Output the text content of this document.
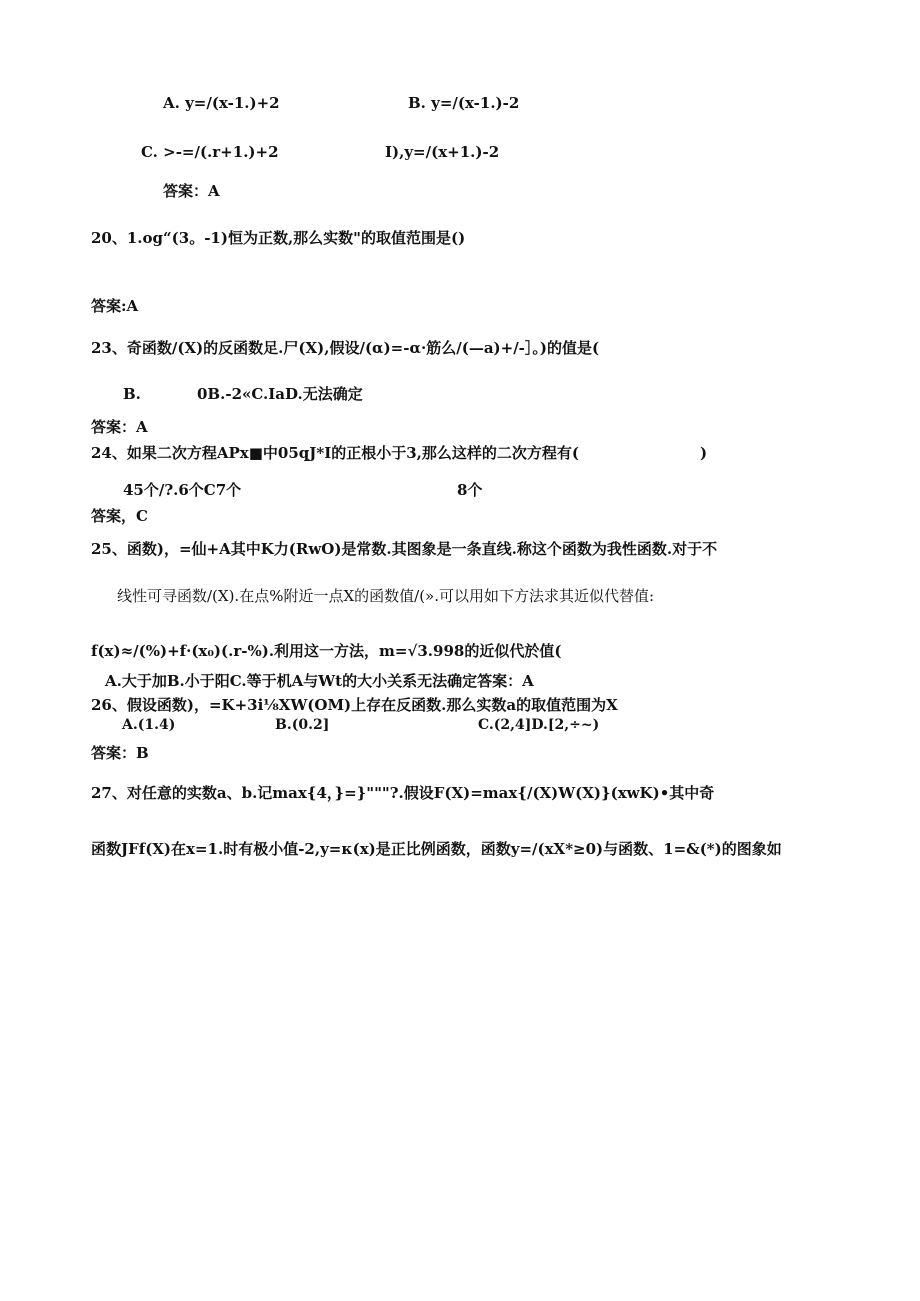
A. y=/(x-1.)+2	B. y=/(x-1.)-2
C. >-=/(.r+1.)+2	I),y=/(x+1.)-2
答案：A
20、1.og“(3。-1)恒为正数,那么实数"的取值范围是()
答案:A
23、奇函数/(X)的反函数足.尸(X),假设/(α)=-α·筋么/(—a)+/-］。)的值是(
B.	0B.-2«C.IaD.无法确定
答案：A
24、如果二次方程APx■中05qJ*I的正根小于3,那么这样的二次方程有(	)
45个/?.6个C7个	8个
答案，C
25、函数)，=仙+A其中K力(RwO)是常数.其图象是一条直线.称这个函数为我性函数.对于不
线性可寻函数/(X).在点%附近一点X的函数值/(».可以用如下方法求其近似代替值:
f(x)≈/(%)+f·(x₀)(.r-%).利用这一方法，m=√3.998的近似代於值(
A.大于加B.小于阳C.等于机A与Wt的大小关系无法确定答案：A
26、假设函数)，=K+3i⅛XW(OM)上存在反函数.那么实数a的取值范围为X
A.(1.4)	B.(0.2]	C.(2,4]D.[2,÷~)
答案：B
27、对任意的实数a、b.记max{4，}=}"""?.假设F(X)=max{/(X)W(X)}(xwK)•其中奇
函数JFf(X)在x=1.时有极小值-2,y=κ(x)是正比例函数，函数y=/(xX*≥0)与函数、1=&(*)的图象如
